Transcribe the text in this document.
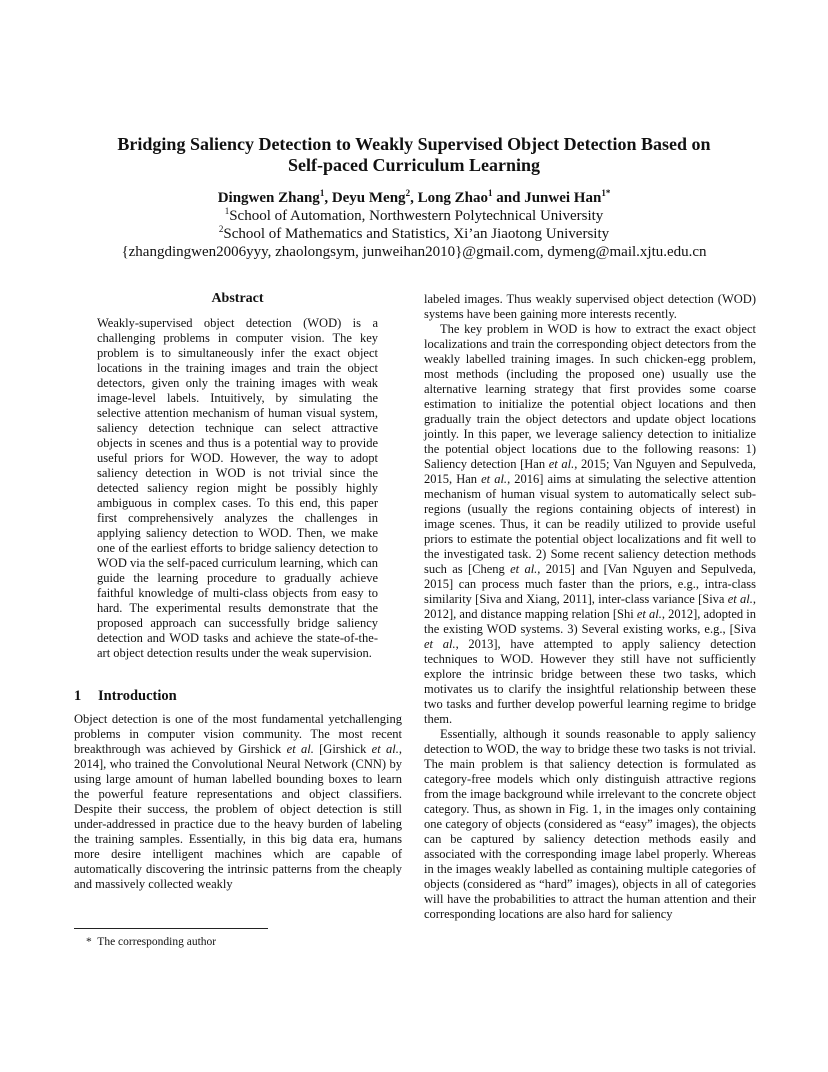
Bridging Saliency Detection to Weakly Supervised Object Detection Based on
Self-paced Curriculum Learning
Dingwen Zhang$^1$, Deyu Meng$^2$, Long Zhao$^1$ and Junwei Han$^{1*}$
$^1$School of Automation, Northwestern Polytechnical University
$^2$School of Mathematics and Statistics, Xi’an Jiaotong University
{zhangdingwen2006yyy, zhaolongsym, junweihan2010}@gmail.com, dymeng@mail.xjtu.edu.cn
Abstract

Weakly-supervised object detection (WOD) is a challenging problems in computer vision. The key problem is to simultaneously infer the exact object locations in the training images and train the object detectors, given only the training images with weak image-level labels. Intuitively, by simulating the selective attention mechanism of human visual system, saliency detection technique can select attractive objects in scenes and thus is a potential way to provide useful priors for WOD. However, the way to adopt saliency detection in WOD is not trivial since the detected saliency region might be possibly highly ambiguous in complex cases. To this end, this paper first comprehensively analyzes the challenges in applying saliency detection to WOD. Then, we make one of the earliest efforts to bridge saliency detection to WOD via the self-paced curriculum learning, which can guide the learning procedure to gradually achieve faithful knowledge of multi-class objects from easy to hard. The experimental results demonstrate that the proposed approach can successfully bridge saliency detection and WOD tasks and achieve the state-of-the-art object detection results under the weak supervision.

1 Introduction

Object detection is one of the most fundamental yetchallenging problems in computer vision community. The most recent breakthrough was achieved by Girshick et al. [Girshick et al., 2014], who trained the Convolutional Neural Network (CNN) by using large amount of human labelled bounding boxes to learn the powerful feature representations and object classifiers. Despite their success, the problem of object detection is still under-addressed in practice due to the heavy burden of labeling the training samples. Essentially, in this big data era, humans more desire intelligent machines which are capable of automatically discovering the intrinsic patterns from the cheaply and massively collected weakly

labeled images. Thus weakly supervised object detection (WOD) systems have been gaining more interests recently.

The key problem in WOD is how to extract the exact object localizations and train the corresponding object detectors from the weakly labelled training images. In such chicken-egg problem, most methods (including the proposed one) usually use the alternative learning strategy that first provides some coarse estimation to initialize the potential object locations and then gradually train the object detectors and update object locations jointly. In this paper, we leverage saliency detection to initialize the potential object locations due to the following reasons: 1) Saliency detection [Han et al., 2015; Van Nguyen and Sepulveda, 2015, Han et al., 2016] aims at simulating the selective attention mechanism of human visual system to automatically select sub-regions (usually the regions containing objects of interest) in image scenes. Thus, it can be readily utilized to provide useful priors to estimate the potential object localizations and fit well to the investigated task. 2) Some recent saliency detection methods such as [Cheng et al., 2015] and [Van Nguyen and Sepulveda, 2015] can process much faster than the priors, e.g., intra-class similarity [Siva and Xiang, 2011], inter-class variance [Siva et al., 2012], and distance mapping relation [Shi et al., 2012], adopted in the existing WOD systems. 3) Several existing works, e.g., [Siva et al., 2013], have attempted to apply saliency detection techniques to WOD. However they still have not sufficiently explore the intrinsic bridge between these two tasks, which motivates us to clarify the insightful relationship between these two tasks and further develop powerful learning regime to bridge them.

Essentially, although it sounds reasonable to apply saliency detection to WOD, the way to bridge these two tasks is not trivial. The main problem is that saliency detection is formulated as category-free models which only distinguish attractive regions from the image background while irrelevant to the concrete object category. Thus, as shown in Fig. 1, in the images only containing one category of objects (considered as “easy” images), the objects can be captured by saliency detection methods easily and associated with the corresponding image label properly. Whereas in the images weakly labelled as containing multiple categories of objects (considered as “hard” images), objects in all of categories will have the probabilities to attract the human attention and their corresponding locations are also hard for saliency

* The corresponding author
